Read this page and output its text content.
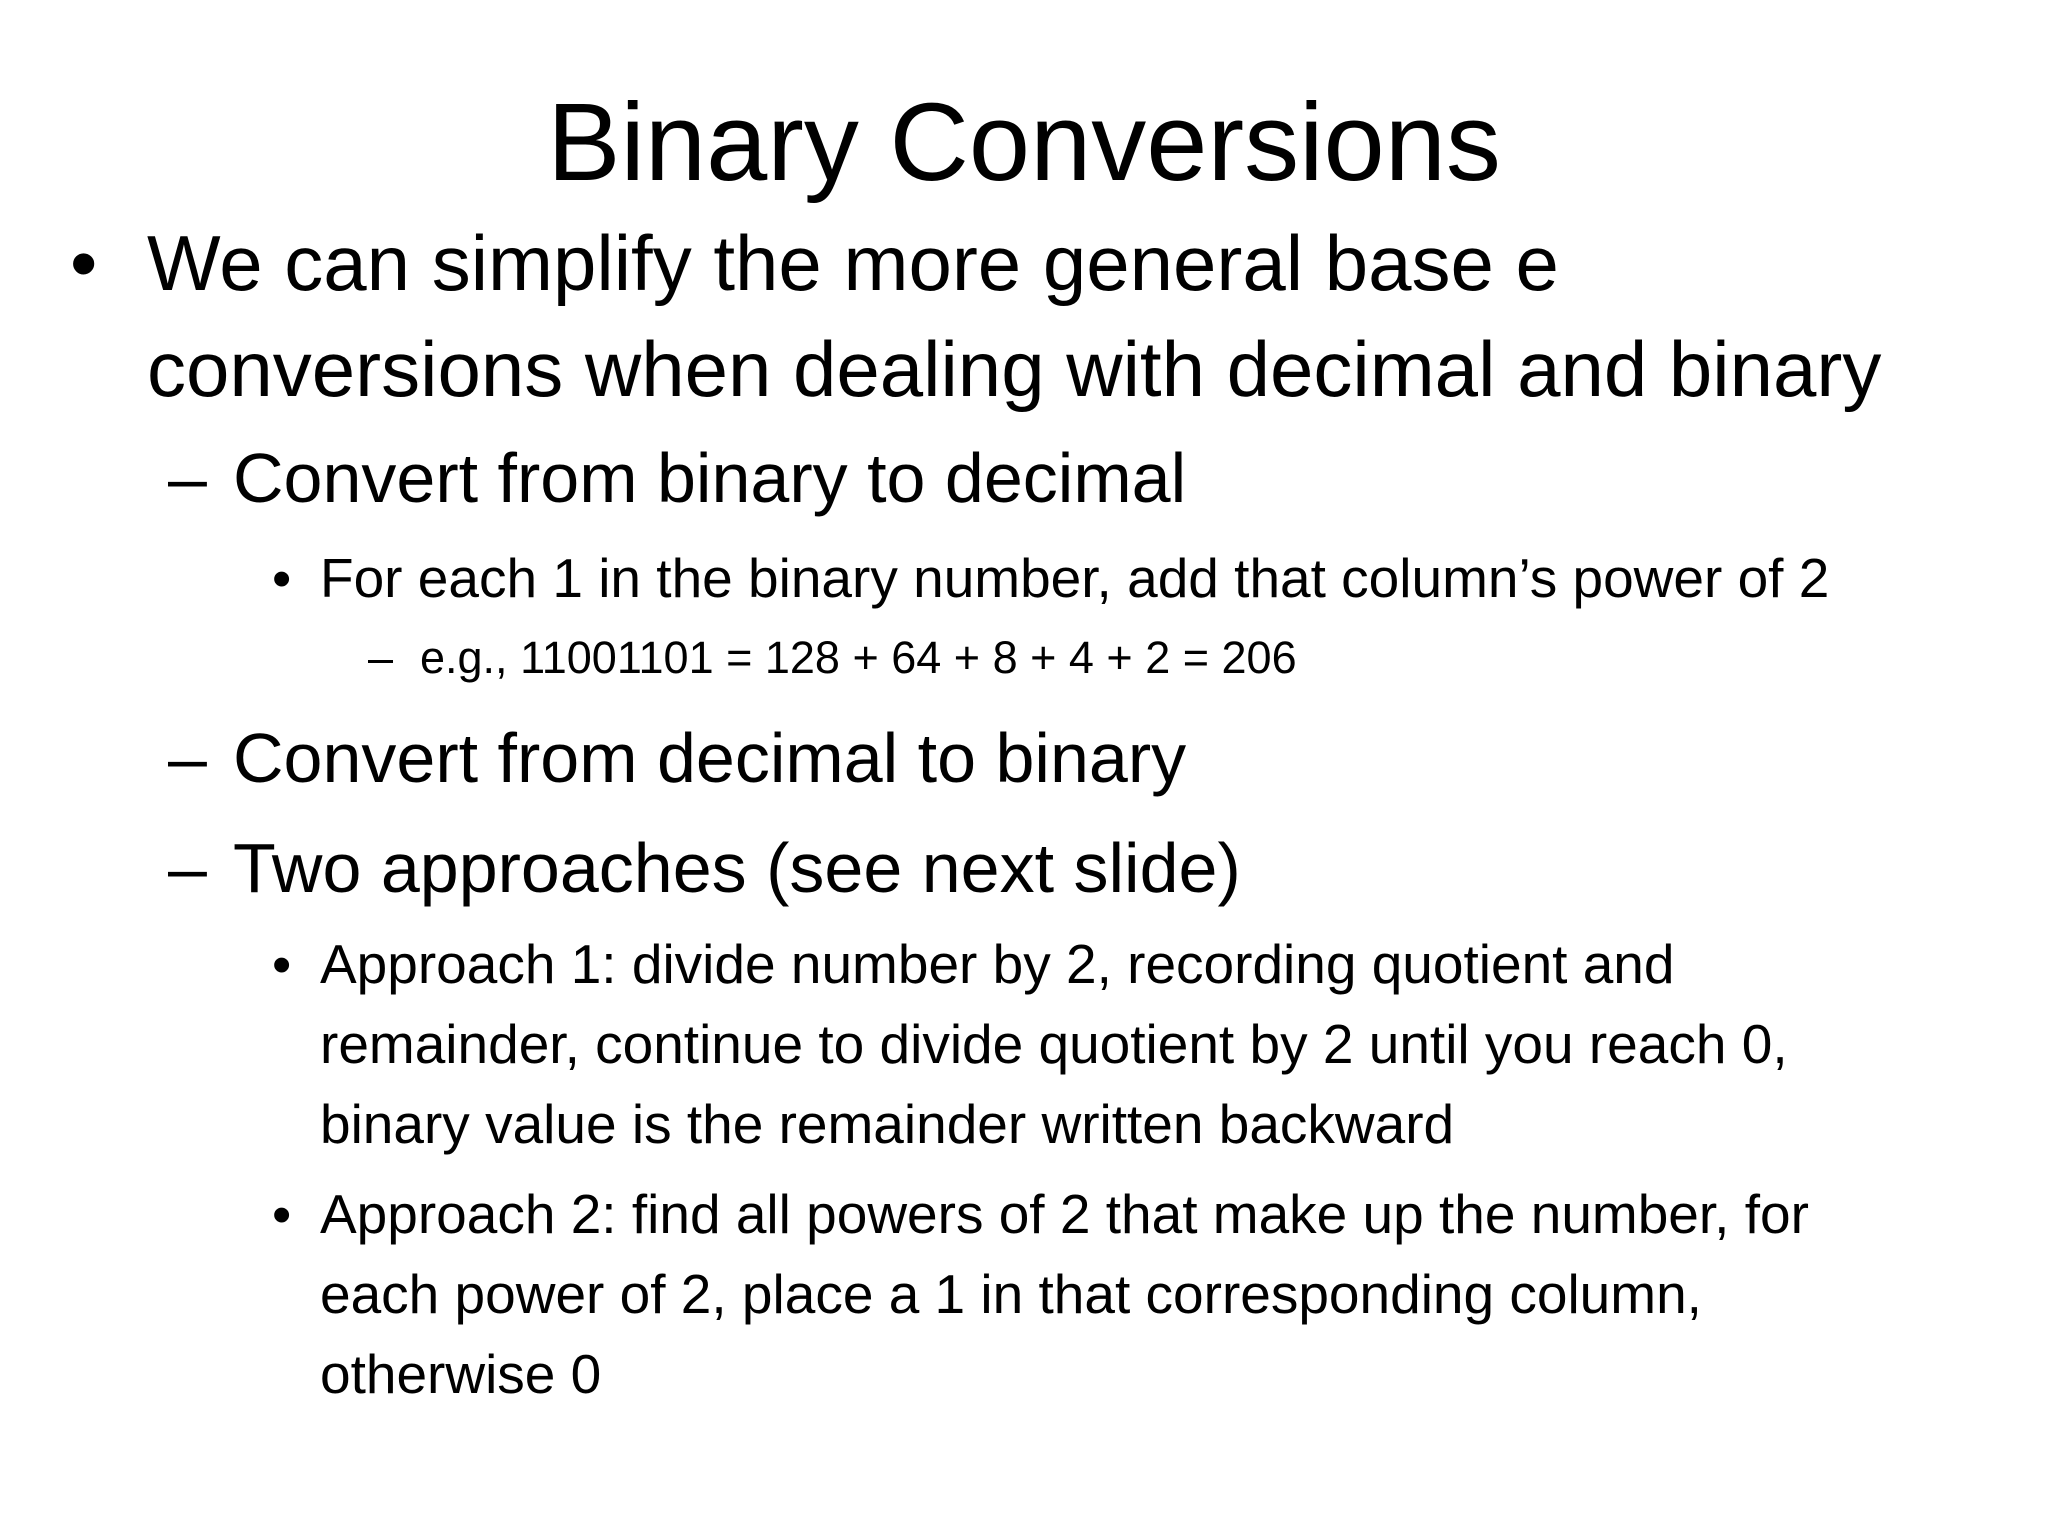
Binary Conversions
• We can simplify the more general base e
conversions when dealing with decimal and binary
– Convert from binary to decimal
• For each 1 in the binary number, add that column’s power of 2
– e.g., 11001101 = 128 + 64 + 8 + 4 + 2 = 206
– Convert from decimal to binary
– Two approaches (see next slide)
• Approach 1: divide number by 2, recording quotient and
remainder, continue to divide quotient by 2 until you reach 0,
binary value is the remainder written backward
• Approach 2: find all powers of 2 that make up the number, for
each power of 2, place a 1 in that corresponding column,
otherwise 0
